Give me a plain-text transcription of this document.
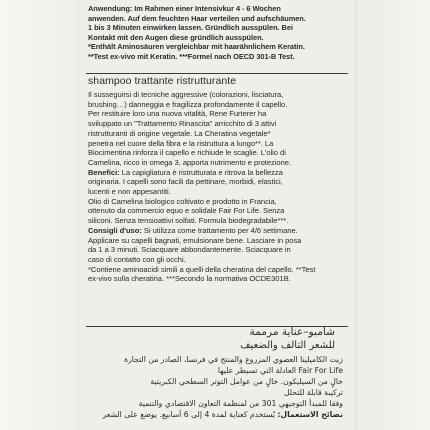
Anwendung: Im Rahmen einer Intensivkur 4 - 6 Wochen
anwenden. Auf dem feuchten Haar verteilen und aufschäumen.
1 bis 3 Minuten einwirken lassen. Gründlich ausspülen. Bei
Kontakt mit den Augen diese gründlich ausspülen.
*Enthält Aminosäuren vergleichbar mit haarähnlichem Keratin.
**Test ex-vivo mit Keratin. ***Formel nach OECD 301-B Test.
shampoo trattante ristrutturante
Il susseguirsi di tecniche aggressive (colorazioni, lisciatura,
brushing…) danneggia e fragilizza profondamente il capello.
Per restituire loro una nuova vitalità, Rene Furterer ha
sviluppato un "Trattamento Rinascita" arricchito di 3 attivi
ristrutturanti di origine vegetale. La Cheratina vegetale*
penetra nel cuore della fibra e la ristruttura a lungo**. La
Biocimentina rinforza il capello e richiude le scaglie. L'olio di
Camelina, ricco in omega 3, apporta nutrimento e protezione.
Benefici: La capigliatura è ristrutturata e ritrova la bellezza
originaria. I capelli sono facili da pettinare, morbidi, elastici,
lucenti e non appesantiti.
Olio di Camelina biologico coltivato e prodotto in Francia,
ottenuto da commercio equo e solidale Fair For Life. Senza
siliconi. Senza tensioattivi solfati. Formula biodegradabile***.
Consigli d'uso: Si utilizza come trattamento per 4/6 settimane.
Applicare su capelli bagnati, emulsionare bene. Lasciare in posa
da 1 a 3 minuti. Sciacquare abbondantemente. Sciacquare in
caso di contatto con gli occhi.
*Contiene aminoacidi simili a quelli della cheratina del capello. **Test
ex-vivo sulla cheratina. ***Secondo la normativa OCDE301B.
شامبو–عناية مرممة
للشعر التالف والضعيف
زيت الكاميلينا العضوي المزروع والمنتج في فرنسا، الصادر من التجارة
Fair For Life العادلة التي تسيطر عليها
خالٍ من السيليكون. خالٍ من عوامل التوتر السطحي الكبريتية
تركيبة قابلة للتحلل
وفقا للمبدأ التوجيهي 301 من لمنظمة التعاون الاقتصادي والتنمية
نصائح الاستعمال: يُستخدم كعناية لمدة 4 إلى 6 أسابيع. يوضع على الشعر
